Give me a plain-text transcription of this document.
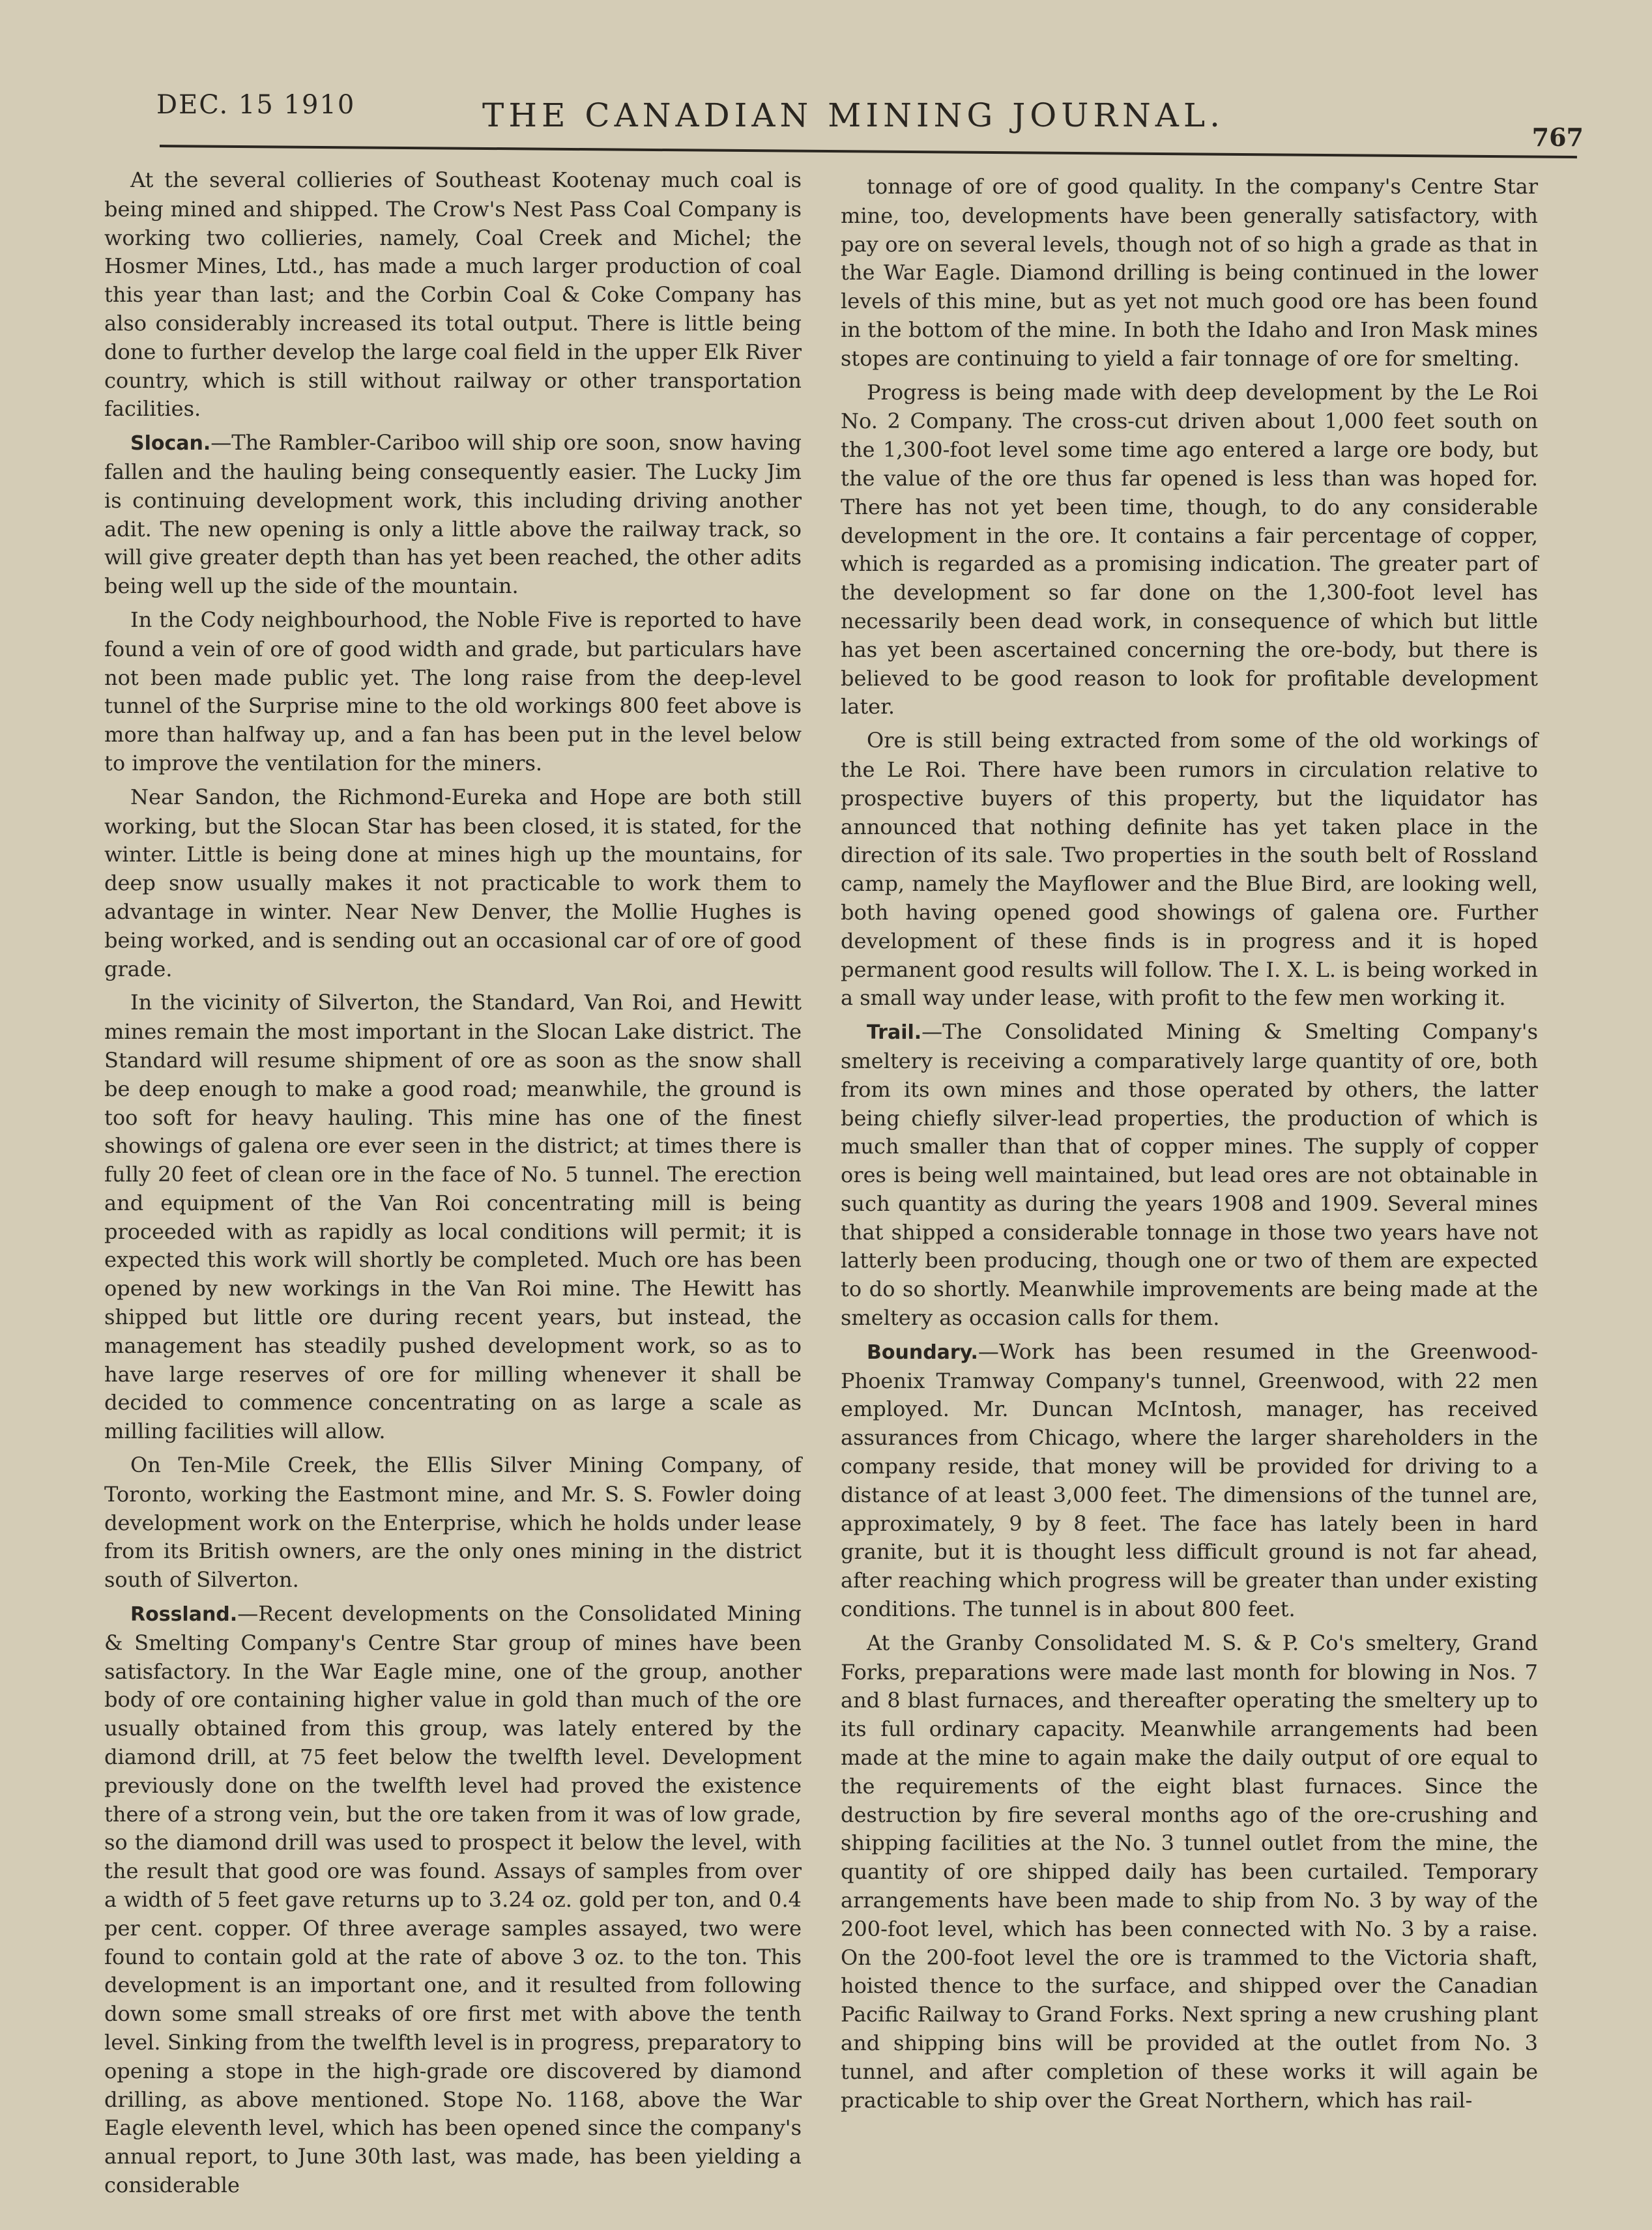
DEC. 15 1910	THE CANADIAN MINING JOURNAL.
767

At the several collieries of Southeast Kootenay much coal is being mined and shipped. The Crow's Nest Pass Coal Company is working two collieries, namely, Coal Creek and Michel; the Hosmer Mines, Ltd., has made a much larger production of coal this year than last; and the Corbin Coal & Coke Company has also considerably increased its total output. There is little being done to further develop the large coal field in the upper Elk River country, which is still without railway or other transportation facilities.

Slocan.—The Rambler-Cariboo will ship ore soon, snow having fallen and the hauling being consequently easier. The Lucky Jim is continuing development work, this including driving another adit. The new opening is only a little above the railway track, so will give greater depth than has yet been reached, the other adits being well up the side of the mountain.

In the Cody neighbourhood, the Noble Five is reported to have found a vein of ore of good width and grade, but particulars have not been made public yet. The long raise from the deep-level tunnel of the Surprise mine to the old workings 800 feet above is more than halfway up, and a fan has been put in the level below to improve the ventilation for the miners.

Near Sandon, the Richmond-Eureka and Hope are both still working, but the Slocan Star has been closed, it is stated, for the winter. Little is being done at mines high up the mountains, for deep snow usually makes it not practicable to work them to advantage in winter. Near New Denver, the Mollie Hughes is being worked, and is sending out an occasional car of ore of good grade.

In the vicinity of Silverton, the Standard, Van Roi, and Hewitt mines remain the most important in the Slocan Lake district. The Standard will resume shipment of ore as soon as the snow shall be deep enough to make a good road; meanwhile, the ground is too soft for heavy hauling. This mine has one of the finest showings of galena ore ever seen in the district; at times there is fully 20 feet of clean ore in the face of No. 5 tunnel. The erection and equipment of the Van Roi concentrating mill is being proceeded with as rapidly as local conditions will permit; it is expected this work will shortly be completed. Much ore has been opened by new workings in the Van Roi mine. The Hewitt has shipped but little ore during recent years, but instead, the management has steadily pushed development work, so as to have large reserves of ore for milling whenever it shall be decided to commence concentrating on as large a scale as milling facilities will allow.

On Ten-Mile Creek, the Ellis Silver Mining Company, of Toronto, working the Eastmont mine, and Mr. S. S. Fowler doing development work on the Enterprise, which he holds under lease from its British owners, are the only ones mining in the district south of Silverton.

Rossland.—Recent developments on the Consolidated Mining & Smelting Company's Centre Star group of mines have been satisfactory. In the War Eagle mine, one of the group, another body of ore containing higher value in gold than much of the ore usually obtained from this group, was lately entered by the diamond drill, at 75 feet below the twelfth level. Development previously done on the twelfth level had proved the existence there of a strong vein, but the ore taken from it was of low grade, so the diamond drill was used to prospect it below the level, with the result that good ore was found. Assays of samples from over a width of 5 feet gave returns up to 3.24 oz. gold per ton, and 0.4 per cent. copper. Of three average samples assayed, two were found to contain gold at the rate of above 3 oz. to the ton. This development is an important one, and it resulted from following down some small streaks of ore first met with above the tenth level. Sinking from the twelfth level is in progress, preparatory to opening a stope in the high-grade ore discovered by diamond drilling, as above mentioned. Stope No. 1168, above the War Eagle eleventh level, which has been opened since the company's annual report, to June 30th last, was made, has been yielding a considerable

tonnage of ore of good quality. In the company's Centre Star mine, too, developments have been generally satisfactory, with pay ore on several levels, though not of so high a grade as that in the War Eagle. Diamond drilling is being continued in the lower levels of this mine, but as yet not much good ore has been found in the bottom of the mine. In both the Idaho and Iron Mask mines stopes are continuing to yield a fair tonnage of ore for smelting.

Progress is being made with deep development by the Le Roi No. 2 Company. The cross-cut driven about 1,000 feet south on the 1,300-foot level some time ago entered a large ore body, but the value of the ore thus far opened is less than was hoped for. There has not yet been time, though, to do any considerable development in the ore. It contains a fair percentage of copper, which is regarded as a promising indication. The greater part of the development so far done on the 1,300-foot level has necessarily been dead work, in consequence of which but little has yet been ascertained concerning the ore-body, but there is believed to be good reason to look for profitable development later.

Ore is still being extracted from some of the old workings of the Le Roi. There have been rumors in circulation relative to prospective buyers of this property, but the liquidator has announced that nothing definite has yet taken place in the direction of its sale. Two properties in the south belt of Rossland camp, namely the Mayflower and the Blue Bird, are looking well, both having opened good showings of galena ore. Further development of these finds is in progress and it is hoped permanent good results will follow. The I. X. L. is being worked in a small way under lease, with profit to the few men working it.

Trail.—The Consolidated Mining & Smelting Company's smeltery is receiving a comparatively large quantity of ore, both from its own mines and those operated by others, the latter being chiefly silver-lead properties, the production of which is much smaller than that of copper mines. The supply of copper ores is being well maintained, but lead ores are not obtainable in such quantity as during the years 1908 and 1909. Several mines that shipped a considerable tonnage in those two years have not latterly been producing, though one or two of them are expected to do so shortly. Meanwhile improvements are being made at the smeltery as occasion calls for them.

Boundary.—Work has been resumed in the Greenwood-Phoenix Tramway Company's tunnel, Greenwood, with 22 men employed. Mr. Duncan McIntosh, manager, has received assurances from Chicago, where the larger shareholders in the company reside, that money will be provided for driving to a distance of at least 3,000 feet. The dimensions of the tunnel are, approximately, 9 by 8 feet. The face has lately been in hard granite, but it is thought less difficult ground is not far ahead, after reaching which progress will be greater than under existing conditions. The tunnel is in about 800 feet.

At the Granby Consolidated M. S. & P. Co's smeltery, Grand Forks, preparations were made last month for blowing in Nos. 7 and 8 blast furnaces, and thereafter operating the smeltery up to its full ordinary capacity. Meanwhile arrangements had been made at the mine to again make the daily output of ore equal to the requirements of the eight blast furnaces. Since the destruction by fire several months ago of the ore-crushing and shipping facilities at the No. 3 tunnel outlet from the mine, the quantity of ore shipped daily has been curtailed. Temporary arrangements have been made to ship from No. 3 by way of the 200-foot level, which has been connected with No. 3 by a raise. On the 200-foot level the ore is trammed to the Victoria shaft, hoisted thence to the surface, and shipped over the Canadian Pacific Railway to Grand Forks. Next spring a new crushing plant and shipping bins will be provided at the outlet from No. 3 tunnel, and after completion of these works it will again be practicable to ship over the Great Northern, which has rail-
